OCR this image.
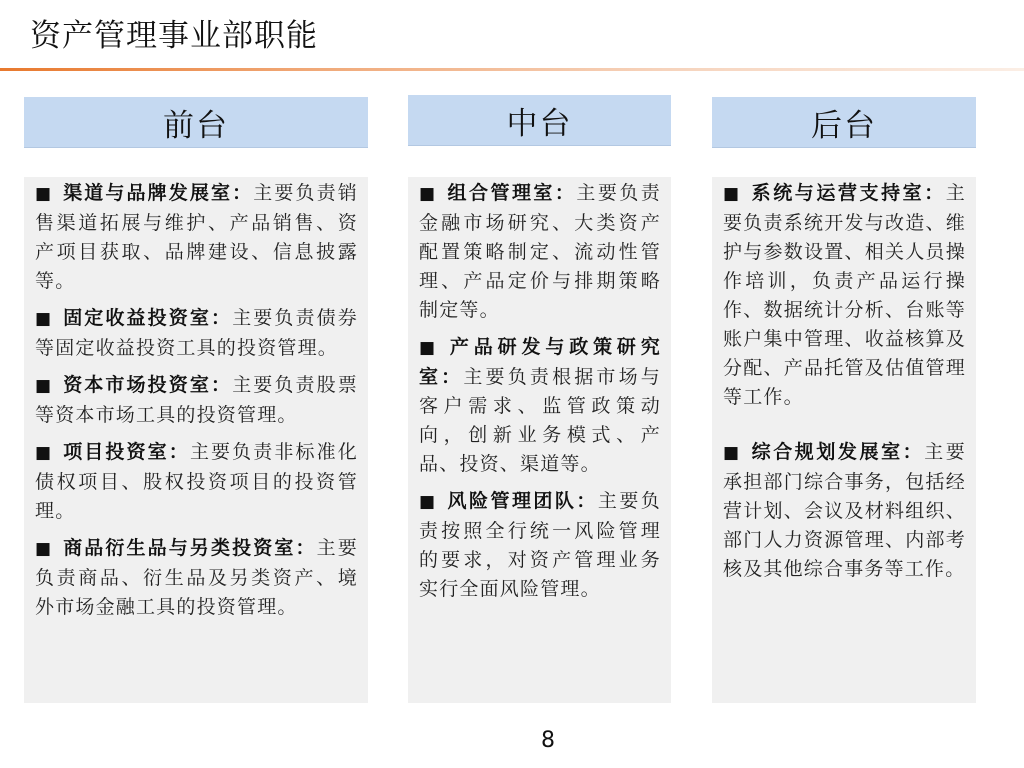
资产管理事业部职能
前台

■ 渠道与品牌发展室：主要负责销售渠道拓展与维护、产品销售、资产项目获取、品牌建设、信息披露等。

■ 固定收益投资室：主要负责债券等固定收益投资工具的投资管理。

■ 资本市场投资室：主要负责股票等资本市场工具的投资管理。

■ 项目投资室：主要负责非标准化债权项目、股权投资项目的投资管理。

■ 商品衍生品与另类投资室：主要负责商品、衍生品及另类资产、境外市场金融工具的投资管理。

中台

■ 组合管理室：主要负责金融市场研究、大类资产配置策略制定、流动性管理、产品定价与排期策略制定等。

■ 产品研发与政策研究室：主要负责根据市场与客户需求、监管政策动向，创新业务模式、产品、投资、渠道等。

■ 风险管理团队：主要负责按照全行统一风险管理的要求，对资产管理业务实行全面风险管理。

后台

■ 系统与运营支持室：主要负责系统开发与改造、维护与参数设置、相关人员操作培训，负责产品运行操作、数据统计分析、台账等账户集中管理、收益核算及分配、产品托管及估值管理等工作。

■ 综合规划发展室：主要承担部门综合事务，包括经营计划、会议及材料组织、部门人力资源管理、内部考核及其他综合事务等工作。

8
